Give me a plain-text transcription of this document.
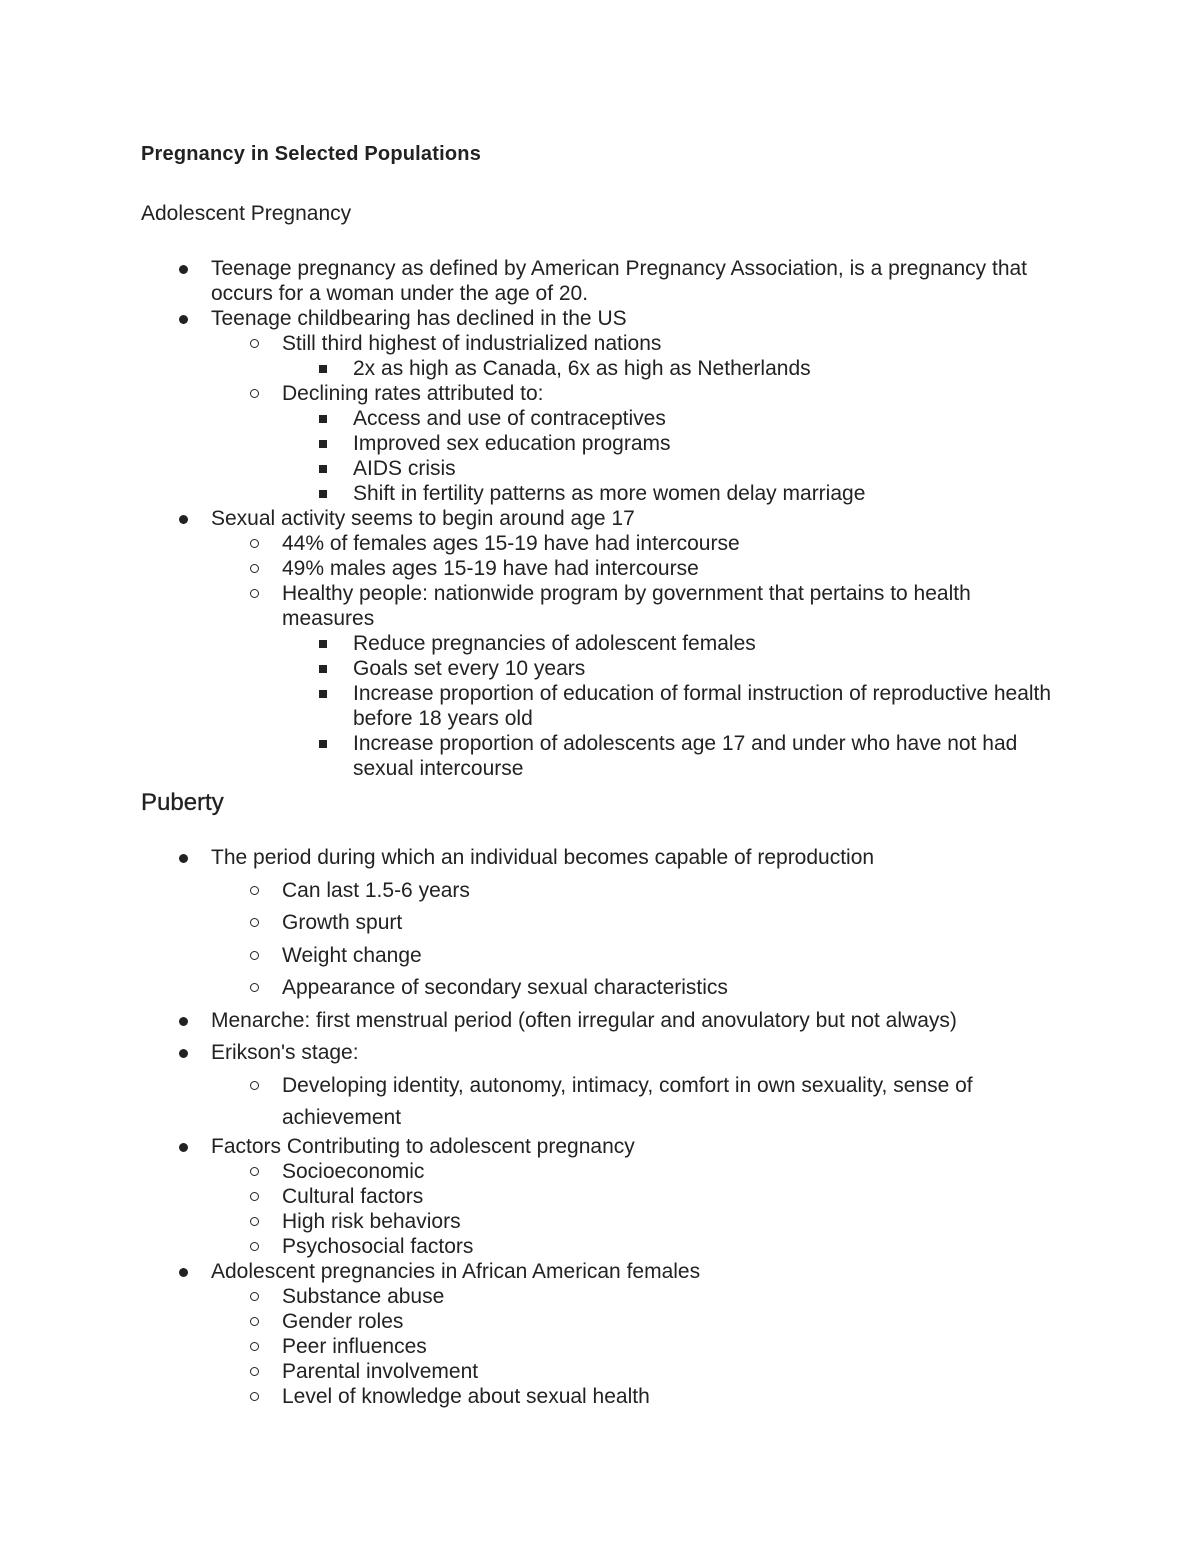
Pregnancy in Selected Populations
Adolescent Pregnancy
Teenage pregnancy as defined by American Pregnancy Association, is a pregnancy that occurs for a woman under the age of 20.
Teenage childbearing has declined in the US
Still third highest of industrialized nations
2x as high as Canada, 6x as high as Netherlands
Declining rates attributed to:
Access and use of contraceptives
Improved sex education programs
AIDS crisis
Shift in fertility patterns as more women delay marriage
Sexual activity seems to begin around age 17
44% of females ages 15-19 have had intercourse
49% males ages 15-19 have had intercourse
Healthy people: nationwide program by government that pertains to health measures
Reduce pregnancies of adolescent females
Goals set every 10 years
Increase proportion of education of formal instruction of reproductive health before 18 years old
Increase proportion of adolescents age 17 and under who have not had sexual intercourse
Puberty
The period during which an individual becomes capable of reproduction
Can last 1.5-6 years
Growth spurt
Weight change
Appearance of secondary sexual characteristics
Menarche: first menstrual period (often irregular and anovulatory but not always)
Erikson's stage:
Developing identity, autonomy, intimacy, comfort in own sexuality, sense of achievement
Factors Contributing to adolescent pregnancy
Socioeconomic
Cultural factors
High risk behaviors
Psychosocial factors
Adolescent pregnancies in African American females
Substance abuse
Gender roles
Peer influences
Parental involvement
Level of knowledge about sexual health
